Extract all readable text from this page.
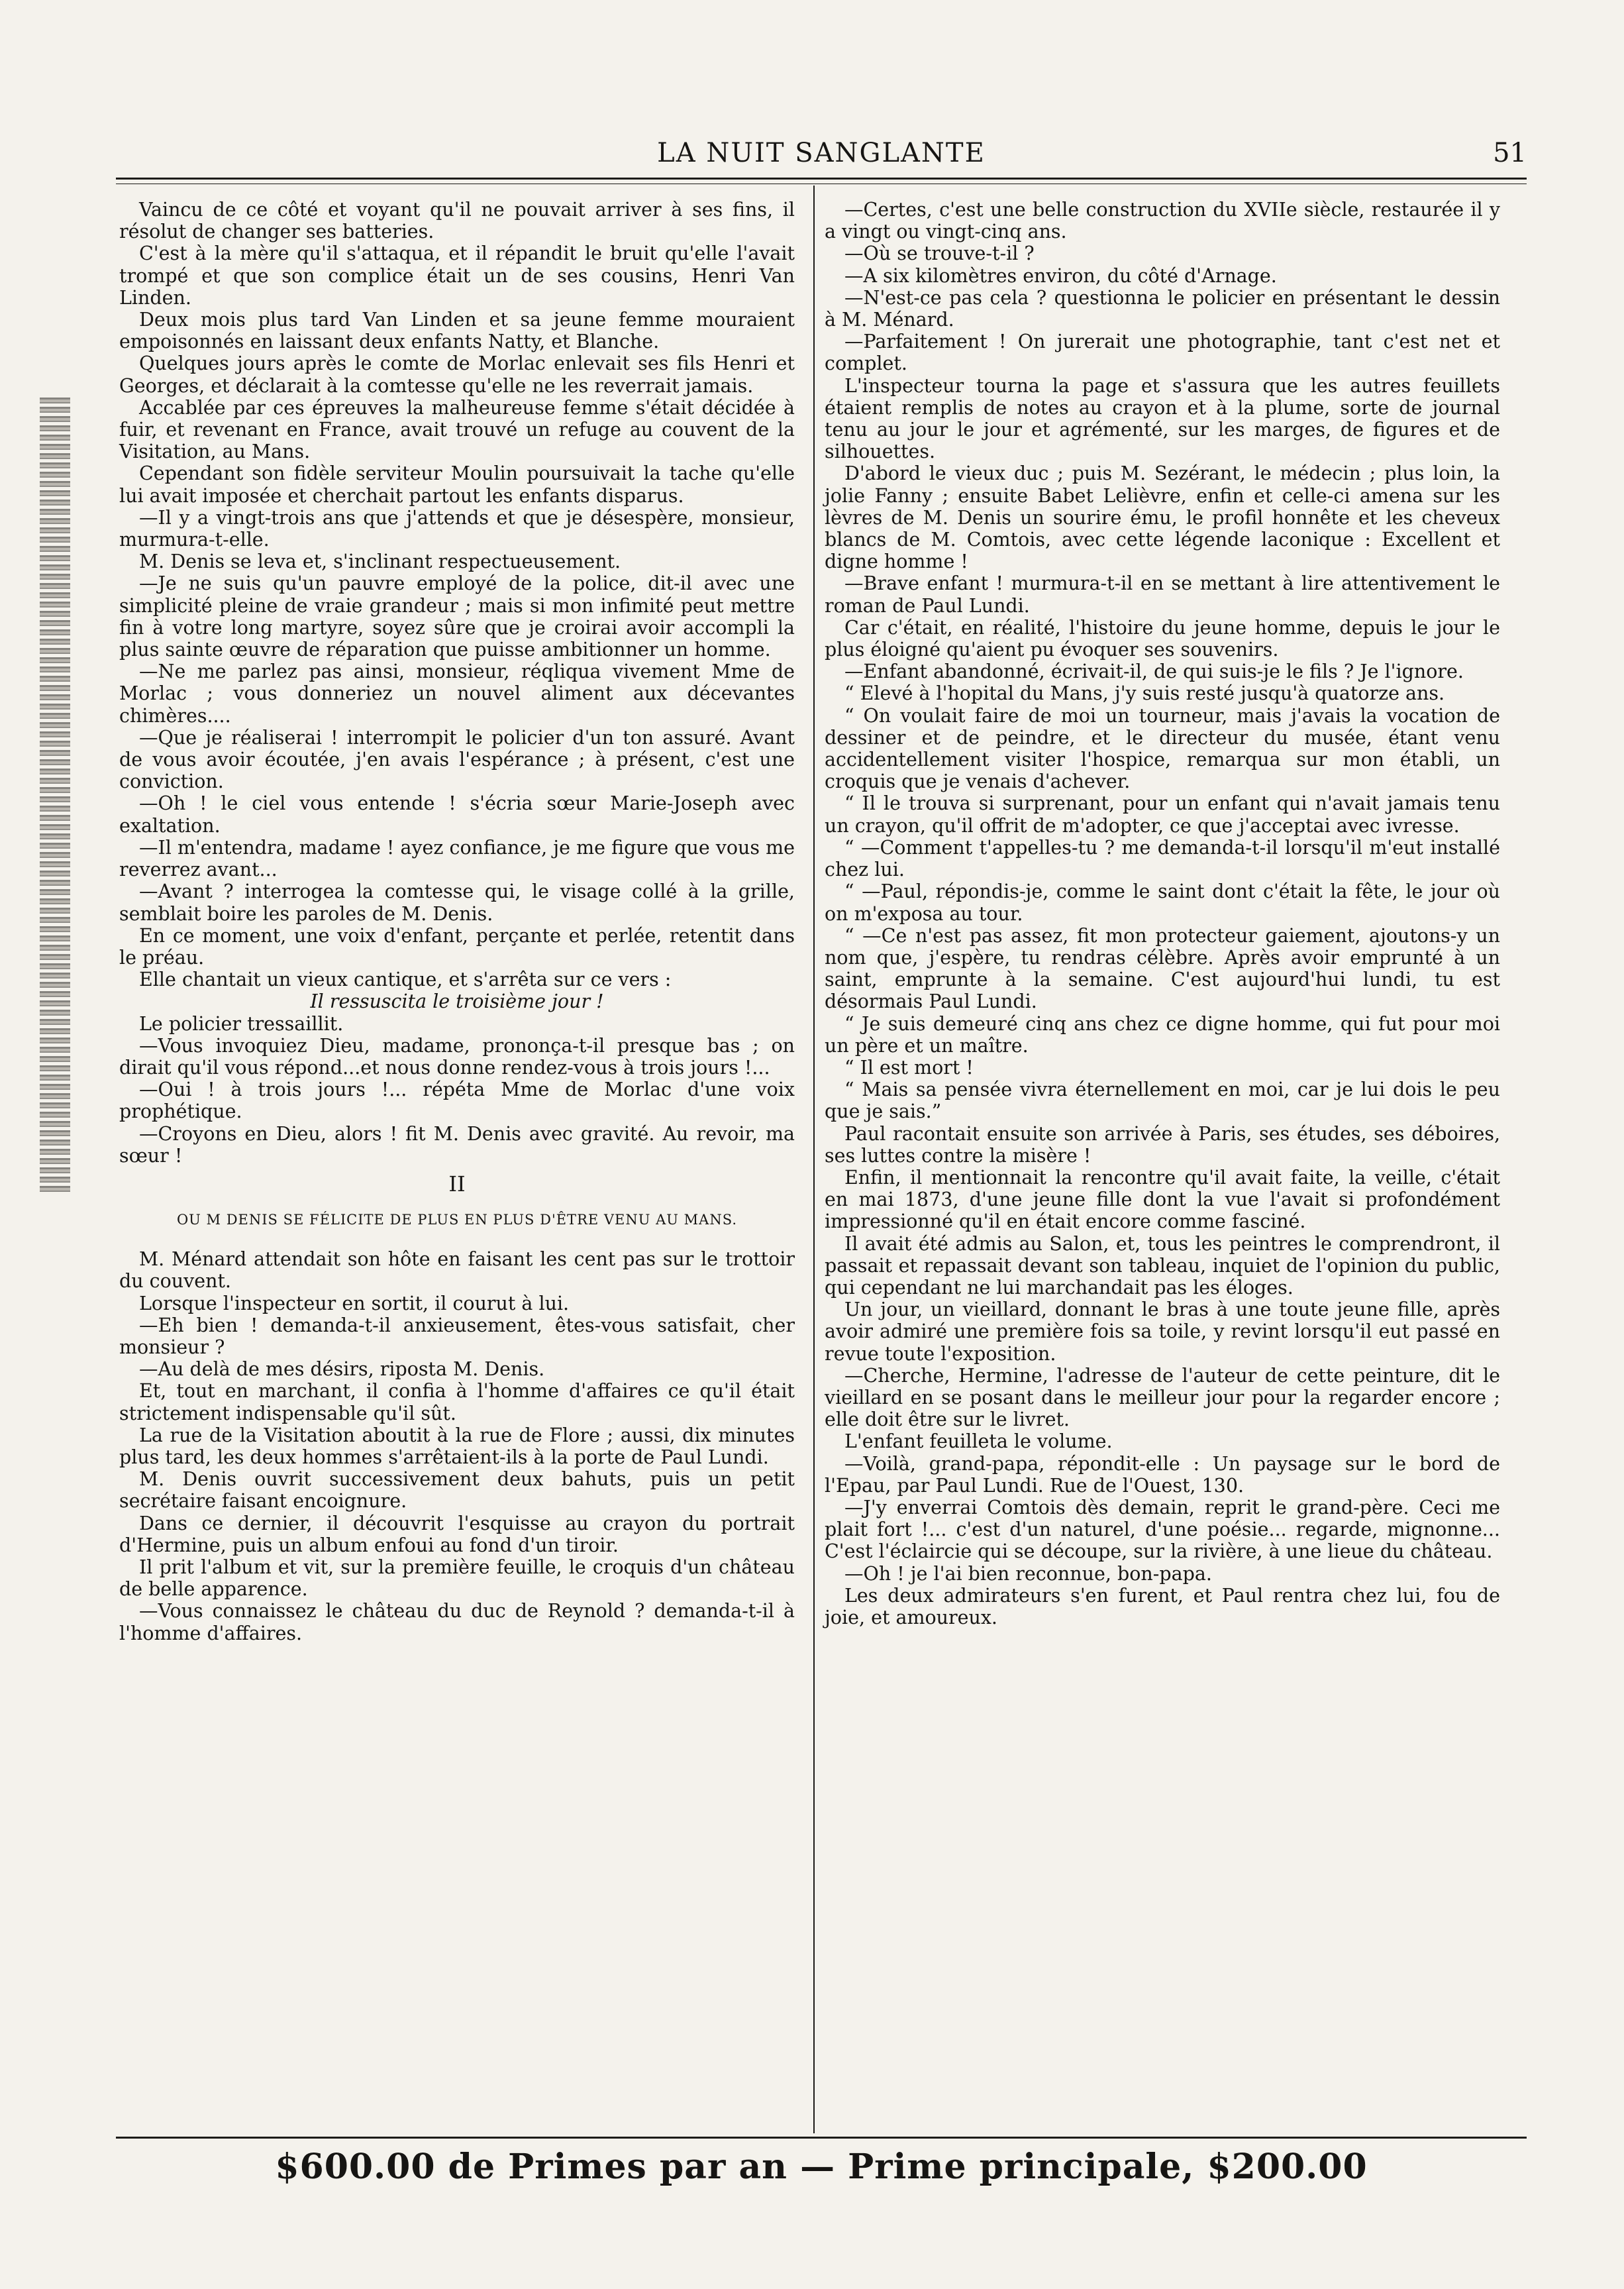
LA NUIT SANGLANTE	51

Vaincu de ce côté et voyant qu'il ne pouvait arriver à ses fins, il résolut de changer ses batteries.

C'est à la mère qu'il s'attaqua, et il répandit le bruit qu'elle l'avait trompé et que son complice était un de ses cousins, Henri Van Linden.

Deux mois plus tard Van Linden et sa jeune femme mouraient empoisonnés en laissant deux enfants Natty, et Blanche.

Quelques jours après le comte de Morlac enlevait ses fils Henri et Georges, et déclarait à la comtesse qu'elle ne les reverrait jamais.

Accablée par ces épreuves la malheureuse femme s'était décidée à fuir, et revenant en France, avait trouvé un refuge au couvent de la Visitation, au Mans.

Cependant son fidèle serviteur Moulin poursuivait la tache qu'elle lui avait imposée et cherchait partout les enfants disparus.

—Il y a vingt-trois ans que j'attends et que je désespère, monsieur, murmura-t-elle.

M. Denis se leva et, s'inclinant respectueusement.

—Je ne suis qu'un pauvre employé de la police, dit-il avec une simplicité pleine de vraie grandeur ; mais si mon infimité peut mettre fin à votre long martyre, soyez sûre que je croirai avoir accompli la plus sainte œuvre de réparation que puisse ambitionner un homme.

—Ne me parlez pas ainsi, monsieur, réqliqua vivement Mme de Morlac ; vous donneriez un nouvel aliment aux décevantes chimères....

—Que je réaliserai ! interrompit le policier d'un ton assuré. Avant de vous avoir écoutée, j'en avais l'espérance ; à présent, c'est une conviction.

—Oh ! le ciel vous entende ! s'écria sœur Marie-Joseph avec exaltation.

—Il m'entendra, madame ! ayez confiance, je me figure que vous me reverrez avant...

—Avant ? interrogea la comtesse qui, le visage collé à la grille, semblait boire les paroles de M. Denis.

En ce moment, une voix d'enfant, perçante et perlée, retentit dans le préau.

Elle chantait un vieux cantique, et s'arrêta sur ce vers :

Il ressuscita le troisième jour !

Le policier tressaillit.

—Vous invoquiez Dieu, madame, prononça-t-il presque bas ; on dirait qu'il vous répond...et nous donne rendez-vous à trois jours !...

—Oui ! à trois jours !... répéta Mme de Morlac d'une voix prophétique.

—Croyons en Dieu, alors ! fit M. Denis avec gravité. Au revoir, ma sœur !

II

OU M DENIS SE FÉLICITE DE PLUS EN PLUS D'ÊTRE VENU AU MANS.

M. Ménard attendait son hôte en faisant les cent pas sur le trottoir du couvent.

Lorsque l'inspecteur en sortit, il courut à lui.

—Eh bien ! demanda-t-il anxieusement, êtes-vous satisfait, cher monsieur ?

—Au delà de mes désirs, riposta M. Denis.

Et, tout en marchant, il confia à l'homme d'affaires ce qu'il était strictement indispensable qu'il sût.

La rue de la Visitation aboutit à la rue de Flore ; aussi, dix minutes plus tard, les deux hommes s'arrêtaient-ils à la porte de Paul Lundi.

M. Denis ouvrit successivement deux bahuts, puis un petit secrétaire faisant encoignure.

Dans ce dernier, il découvrit l'esquisse au crayon du portrait d'Hermine, puis un album enfoui au fond d'un tiroir.

Il prit l'album et vit, sur la première feuille, le croquis d'un château de belle apparence.

—Vous connaissez le château du duc de Reynold ? demanda-t-il à l'homme d'affaires.

—Certes, c'est une belle construction du XVIIe siècle, restaurée il y a vingt ou vingt-cinq ans.

—Où se trouve-t-il ?

—A six kilomètres environ, du côté d'Arnage.

—N'est-ce pas cela ? questionna le policier en présentant le dessin à M. Ménard.

—Parfaitement ! On jurerait une photographie, tant c'est net et complet.

L'inspecteur tourna la page et s'assura que les autres feuillets étaient remplis de notes au crayon et à la plume, sorte de journal tenu au jour le jour et agrémenté, sur les marges, de figures et de silhouettes.

D'abord le vieux duc ; puis M. Sezérant, le médecin ; plus loin, la jolie Fanny ; ensuite Babet Lelièvre, enfin et celle-ci amena sur les lèvres de M. Denis un sourire ému, le profil honnête et les cheveux blancs de M. Comtois, avec cette légende laconique : Excellent et digne homme !

—Brave enfant ! murmura-t-il en se mettant à lire attentivement le roman de Paul Lundi.

Car c'était, en réalité, l'histoire du jeune homme, depuis le jour le plus éloigné qu'aient pu évoquer ses souvenirs.

—Enfant abandonné, écrivait-il, de qui suis-je le fils ? Je l'ignore.

“ Elevé à l'hopital du Mans, j'y suis resté jusqu'à quatorze ans.

“ On voulait faire de moi un tourneur, mais j'avais la vocation de dessiner et de peindre, et le directeur du musée, étant venu accidentellement visiter l'hospice, remarqua sur mon établi, un croquis que je venais d'achever.

“ Il le trouva si surprenant, pour un enfant qui n'avait jamais tenu un crayon, qu'il offrit de m'adopter, ce que j'acceptai avec ivresse.

“ —Comment t'appelles-tu ? me demanda-t-il lorsqu'il m'eut installé chez lui.

“ —Paul, répondis-je, comme le saint dont c'était la fête, le jour où on m'exposa au tour.

“ —Ce n'est pas assez, fit mon protecteur gaiement, ajoutons-y un nom que, j'espère, tu rendras célèbre. Après avoir emprunté à un saint, emprunte à la semaine. C'est aujourd'hui lundi, tu est désormais Paul Lundi.

“ Je suis demeuré cinq ans chez ce digne homme, qui fut pour moi un père et un maître.

“ Il est mort !

“ Mais sa pensée vivra éternellement en moi, car je lui dois le peu que je sais.”

Paul racontait ensuite son arrivée à Paris, ses études, ses déboires, ses luttes contre la misère !

Enfin, il mentionnait la rencontre qu'il avait faite, la veille, c'était en mai 1873, d'une jeune fille dont la vue l'avait si profondément impressionné qu'il en était encore comme fasciné.

Il avait été admis au Salon, et, tous les peintres le comprendront, il passait et repassait devant son tableau, inquiet de l'opinion du public, qui cependant ne lui marchandait pas les éloges.

Un jour, un vieillard, donnant le bras à une toute jeune fille, après avoir admiré une première fois sa toile, y revint lorsqu'il eut passé en revue toute l'exposition.

—Cherche, Hermine, l'adresse de l'auteur de cette peinture, dit le vieillard en se posant dans le meilleur jour pour la regarder encore ; elle doit être sur le livret.

L'enfant feuilleta le volume.

—Voilà, grand-papa, répondit-elle : Un paysage sur le bord de l'Epau, par Paul Lundi. Rue de l'Ouest, 130.

—J'y enverrai Comtois dès demain, reprit le grand-père. Ceci me plait fort !... c'est d'un naturel, d'une poésie... regarde, mignonne... C'est l'éclaircie qui se découpe, sur la rivière, à une lieue du château.

—Oh ! je l'ai bien reconnue, bon-papa.

Les deux admirateurs s'en furent, et Paul rentra chez lui, fou de joie, et amoureux.

$600.00 de Primes par an — Prime principale, $200.00
